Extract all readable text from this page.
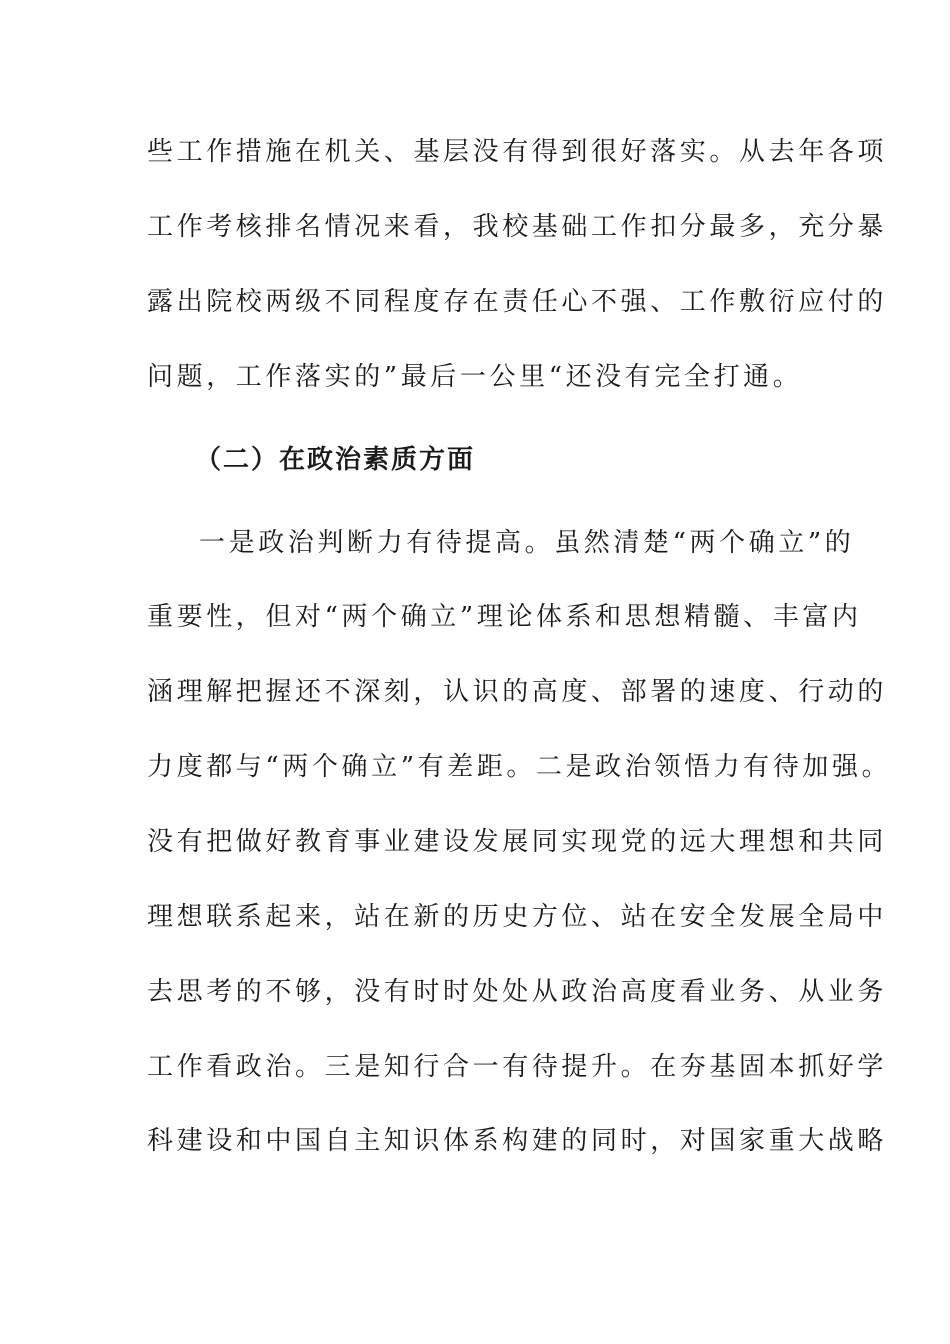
些工作措施在机关、基层没有得到很好落实。从去年各项
工作考核排名情况来看，我校基础工作扣分最多，充分暴
露出院校两级不同程度存在责任心不强、工作敷衍应付的
问题，工作落实的”最后一公里“还没有完全打通。
（二）在政治素质方面
一是政治判断力有待提高。虽然清楚“两个确立”的
重要性，但对“两个确立”理论体系和思想精髓、丰富内
涵理解把握还不深刻，认识的高度、部署的速度、行动的
力度都与“两个确立”有差距。二是政治领悟力有待加强。
没有把做好教育事业建设发展同实现党的远大理想和共同
理想联系起来，站在新的历史方位、站在安全发展全局中
去思考的不够，没有时时处处从政治高度看业务、从业务
工作看政治。三是知行合一有待提升。在夯基固本抓好学
科建设和中国自主知识体系构建的同时，对国家重大战略
